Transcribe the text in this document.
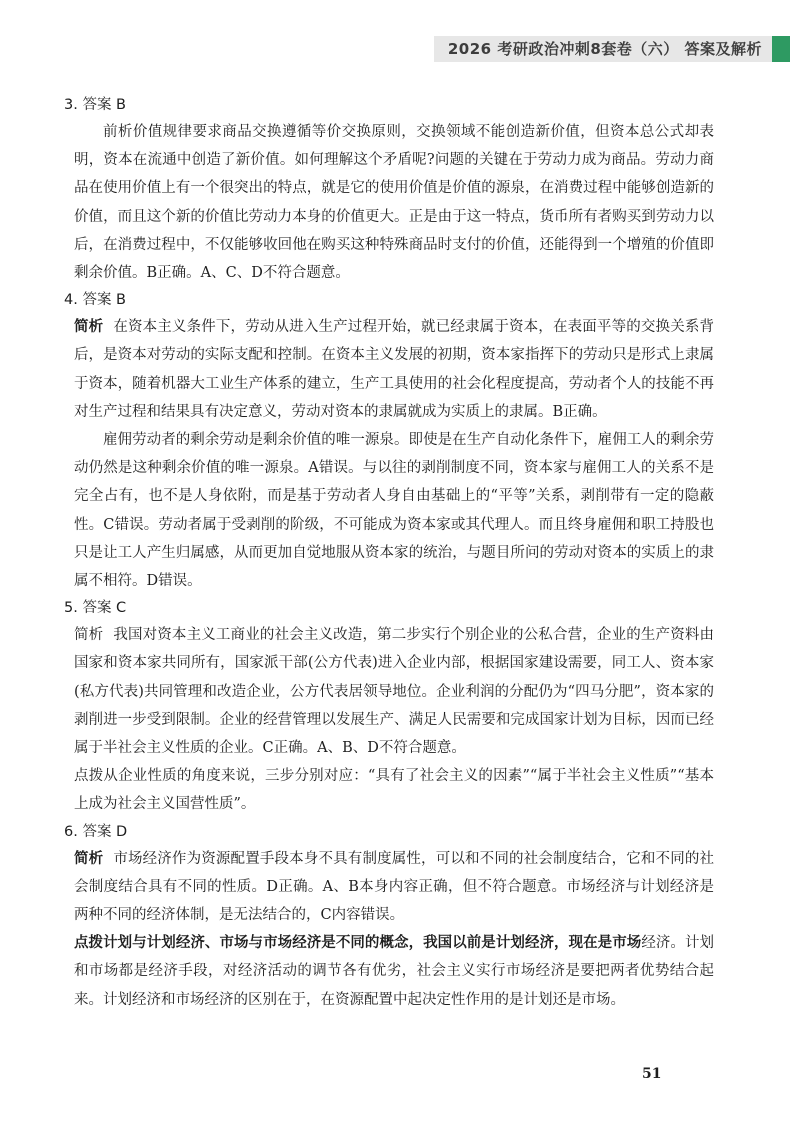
2026 考研政治冲刺8套卷（六） 答案及解析
3. 答案 B

前析价值规律要求商品交换遵循等价交换原则，交换领域不能创造新价值，但资本总公式却表明，资本在流通中创造了新价值。如何理解这个矛盾呢?问题的关键在于劳动力成为商品。劳动力商品在使用价值上有一个很突出的特点，就是它的使用价值是价值的源泉，在消费过程中能够创造新的价值，而且这个新的价值比劳动力本身的价值更大。正是由于这一特点，货币所有者购买到劳动力以后，在消费过程中，不仅能够收回他在购买这种特殊商品时支付的价值，还能得到一个增殖的价值即剩余价值。B正确。A、C、D不符合题意。

4. 答案 B

简析 在资本主义条件下，劳动从进入生产过程开始，就已经隶属于资本，在表面平等的交换关系背后，是资本对劳动的实际支配和控制。在资本主义发展的初期，资本家指挥下的劳动只是形式上隶属于资本，随着机器大工业生产体系的建立，生产工具使用的社会化程度提高，劳动者个人的技能不再对生产过程和结果具有决定意义，劳动对资本的隶属就成为实质上的隶属。B正确。

雇佣劳动者的剩余劳动是剩余价值的唯一源泉。即使是在生产自动化条件下，雇佣工人的剩余劳动仍然是这种剩余价值的唯一源泉。A错误。与以往的剥削制度不同，资本家与雇佣工人的关系不是完全占有，也不是人身依附，而是基于劳动者人身自由基础上的“平等”关系，剥削带有一定的隐蔽性。C错误。劳动者属于受剥削的阶级，不可能成为资本家或其代理人。而且终身雇佣和职工持股也只是让工人产生归属感，从而更加自觉地服从资本家的统治，与题目所问的劳动对资本的实质上的隶属不相符。D错误。

5. 答案 C

简析 我国对资本主义工商业的社会主义改造，第二步实行个别企业的公私合营，企业的生产资料由国家和资本家共同所有，国家派干部(公方代表)进入企业内部，根据国家建设需要，同工人、资本家(私方代表)共同管理和改造企业，公方代表居领导地位。企业利润的分配仍为“四马分肥”，资本家的剥削进一步受到限制。企业的经营管理以发展生产、满足人民需要和完成国家计划为目标，因而已经属于半社会主义性质的企业。C正确。A、B、D不符合题意。

点拨从企业性质的角度来说，三步分别对应：“具有了社会主义的因素”“属于半社会主义性质”“基本上成为社会主义国营性质”。

6. 答案 D

简析 市场经济作为资源配置手段本身不具有制度属性，可以和不同的社会制度结合，它和不同的社会制度结合具有不同的性质。D正确。A、B本身内容正确，但不符合题意。市场经济与计划经济是两种不同的经济体制，是无法结合的，C内容错误。

点拨计划与计划经济、市场与市场经济是不同的概念，我国以前是计划经济，现在是市场经济。计划和市场都是经济手段，对经济活动的调节各有优劣，社会主义实行市场经济是要把两者优势结合起来。计划经济和市场经济的区别在于，在资源配置中起决定性作用的是计划还是市场。

51
